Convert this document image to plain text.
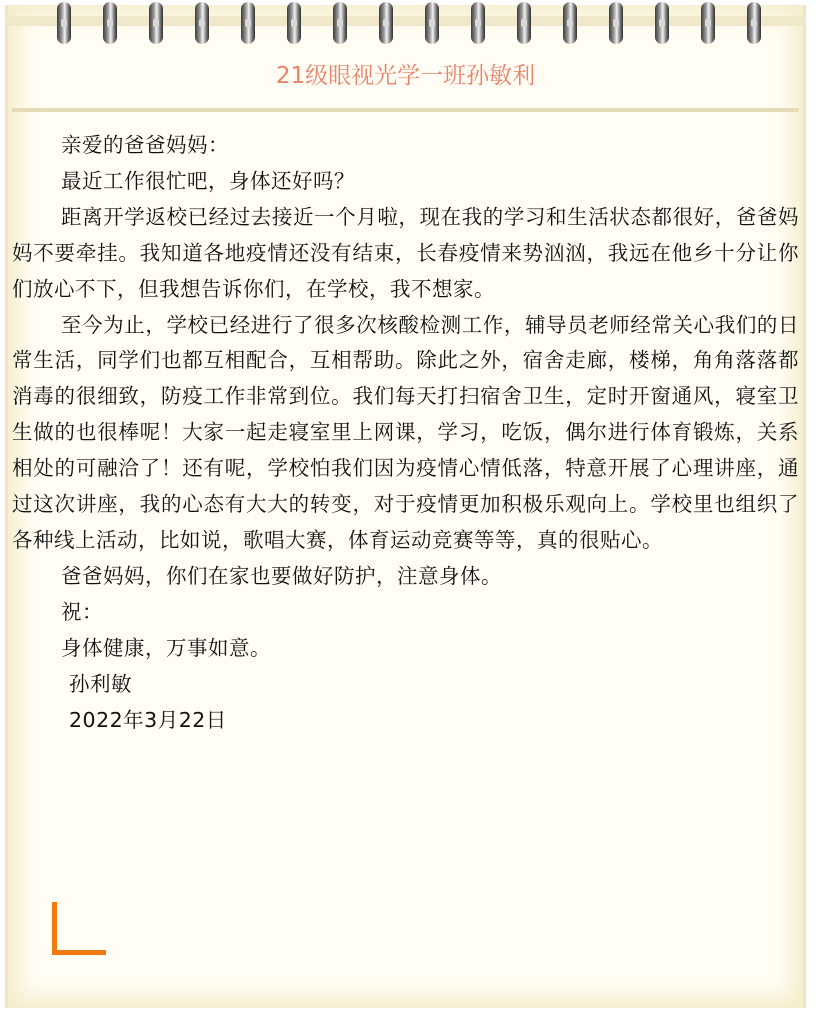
21级眼视光学一班孙敏利

亲爱的爸爸妈妈：

最近工作很忙吧，身体还好吗？

距离开学返校已经过去接近一个月啦，现在我的学习和生活状态都很好，爸爸妈妈不要牵挂。我知道各地疫情还没有结束，长春疫情来势汹汹，我远在他乡十分让你们放心不下，但我想告诉你们，在学校，我不想家。

至今为止，学校已经进行了很多次核酸检测工作，辅导员老师经常关心我们的日常生活，同学们也都互相配合，互相帮助。除此之外，宿舍走廊，楼梯，角角落落都消毒的很细致，防疫工作非常到位。我们每天打扫宿舍卫生，定时开窗通风，寝室卫生做的也很棒呢！大家一起走寝室里上网课，学习，吃饭，偶尔进行体育锻炼，关系相处的可融洽了！还有呢，学校怕我们因为疫情心情低落，特意开展了心理讲座，通过这次讲座，我的心态有大大的转变，对于疫情更加积极乐观向上。学校里也组织了各种线上活动，比如说，歌唱大赛，体育运动竞赛等等，真的很贴心。

爸爸妈妈，你们在家也要做好防护，注意身体。

祝：

身体健康，万事如意。

孙利敏

2022年3月22日
